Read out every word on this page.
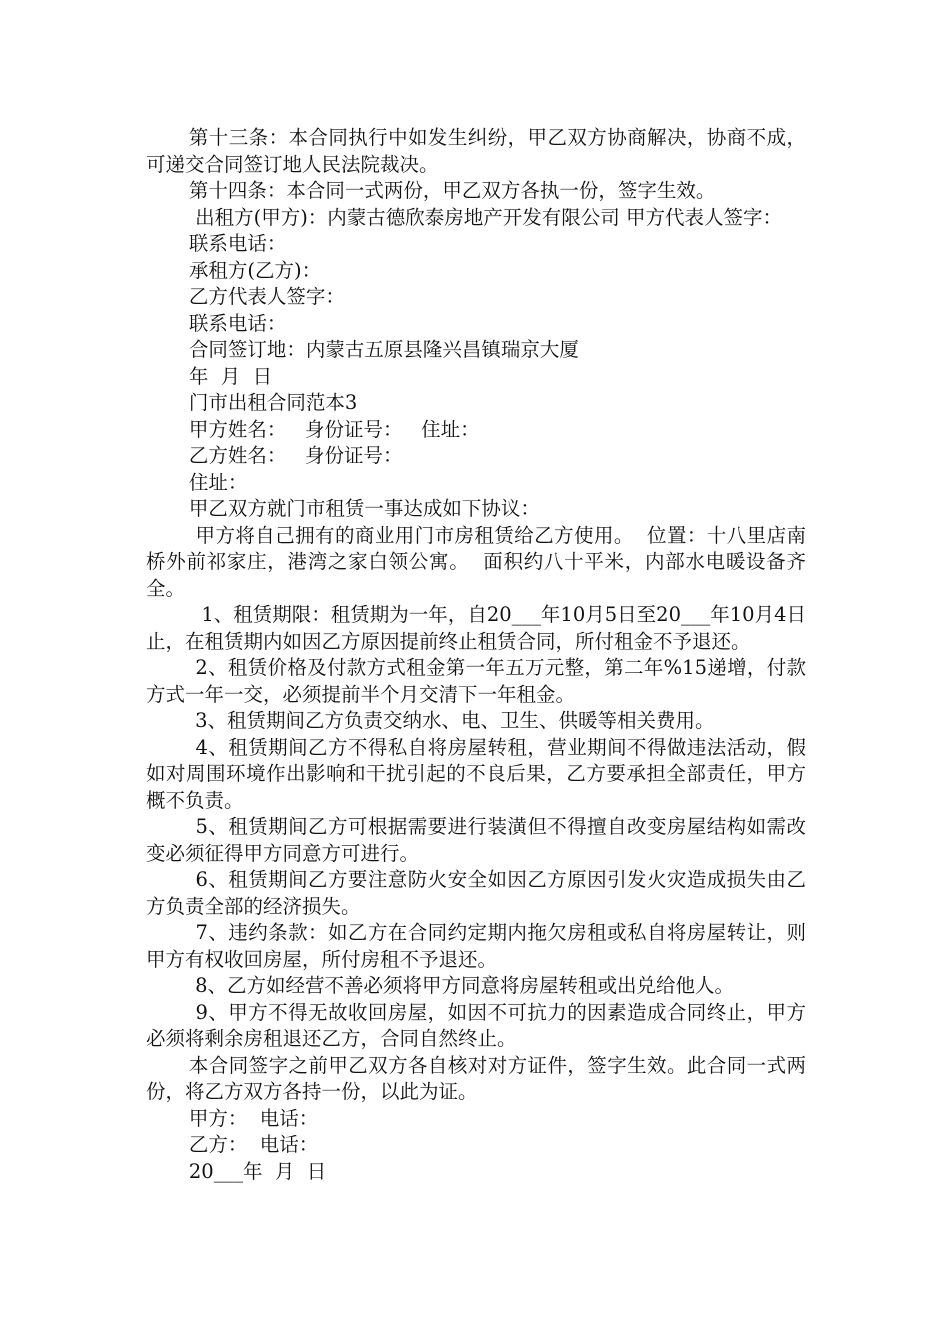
第十三条：本合同执行中如发生纠纷，甲乙双方协商解决，协商不成，可递交合同签订地人民法院裁决。

第十四条：本合同一式两份，甲乙双方各执一份，签字生效。

出租方(甲方)：内蒙古德欣泰房地产开发有限公司 甲方代表人签字：

联系电话：

承租方(乙方)：

乙方代表人签字：

联系电话：

合同签订地：内蒙古五原县隆兴昌镇瑞京大厦

年  月  日

门市出租合同范本3

甲方姓名：   身份证号：   住址：

乙方姓名：   身份证号：

住址：

甲乙双方就门市租赁一事达成如下协议：

甲方将自己拥有的商业用门市房租赁给乙方使用。  位置：十八里店南桥外前祁家庄，港湾之家白领公寓。  面积约八十平米，内部水电暖设备齐全。

1、租赁期限：租赁期为一年，自20___年10月5日至20___年10月4日止，在租赁期内如因乙方原因提前终止租赁合同，所付租金不予退还。

2、租赁价格及付款方式租金第一年五万元整，第二年%15递增，付款方式一年一交，必须提前半个月交清下一年租金。

3、租赁期间乙方负责交纳水、电、卫生、供暖等相关费用。

4、租赁期间乙方不得私自将房屋转租，营业期间不得做违法活动，假如对周围环境作出影响和干扰引起的不良后果，乙方要承担全部责任，甲方概不负责。

5、租赁期间乙方可根据需要进行装潢但不得擅自改变房屋结构如需改变必须征得甲方同意方可进行。

6、租赁期间乙方要注意防火安全如因乙方原因引发火灾造成损失由乙方负责全部的经济损失。

7、违约条款：如乙方在合同约定期内拖欠房租或私自将房屋转让，则甲方有权收回房屋，所付房租不予退还。

8、乙方如经营不善必须将甲方同意将房屋转租或出兑给他人。

9、甲方不得无故收回房屋，如因不可抗力的因素造成合同终止，甲方必须将剩余房租退还乙方，合同自然终止。

本合同签字之前甲乙双方各自核对对方证件，签字生效。此合同一式两份，将乙方双方各持一份，以此为证。

甲方：  电话：

乙方：  电话：

20___年  月  日
